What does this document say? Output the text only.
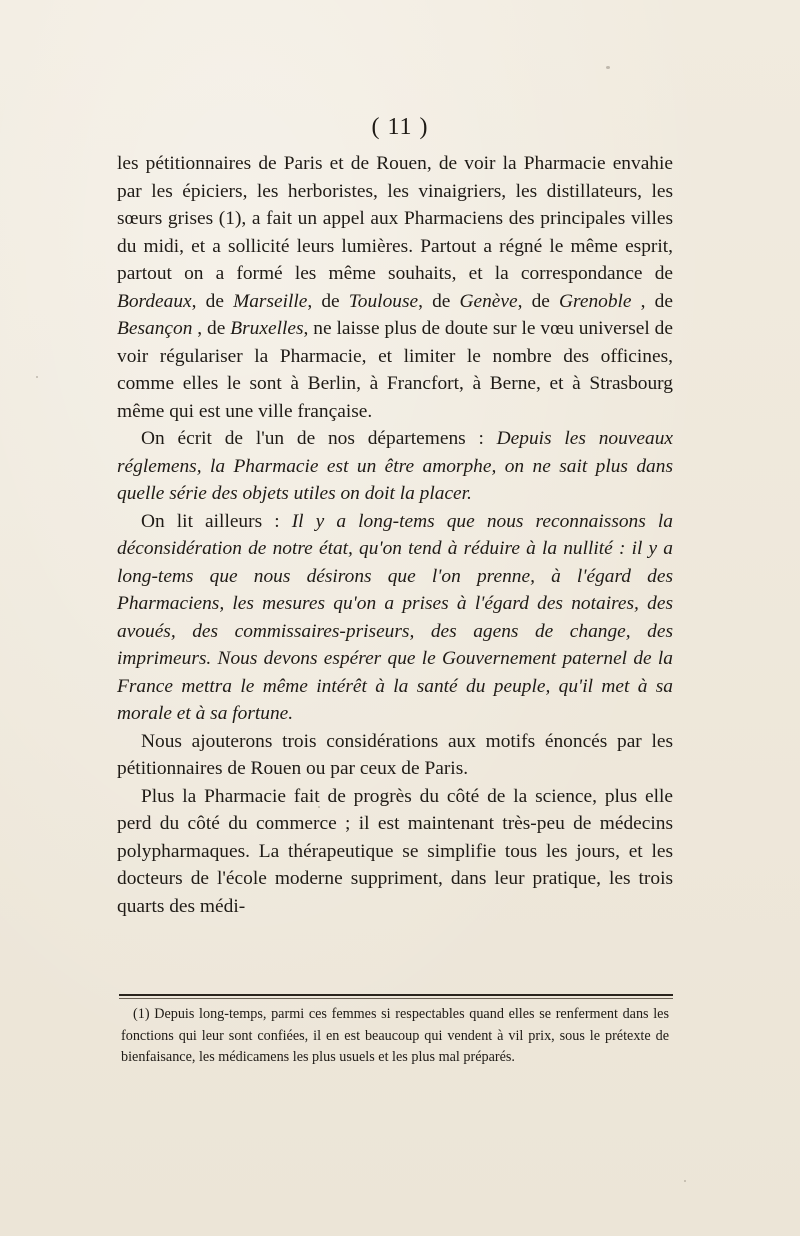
( 11 )

les pétitionnaires de Paris et de Rouen, de voir la Pharmacie envahie par les épiciers, les herboristes, les vinaigriers, les distillateurs, les sœurs grises (1), a fait un appel aux Pharmaciens des principales villes du midi, et a sollicité leurs lumières. Partout a régné le même esprit, partout on a formé les même souhaits, et la correspondance de Bordeaux, de Marseille, de Toulouse, de Genève, de Grenoble , de Besançon , de Bruxelles, ne laisse plus de doute sur le vœu universel de voir régulariser la Pharmacie, et limiter le nombre des officines, comme elles le sont à Berlin, à Francfort, à Berne, et à Strasbourg même qui est une ville française.

On écrit de l'un de nos départemens : Depuis les nouveaux réglemens, la Pharmacie est un être amorphe, on ne sait plus dans quelle série des objets utiles on doit la placer.

On lit ailleurs : Il y a long-tems que nous reconnaissons la déconsidération de notre état, qu'on tend à réduire à la nullité : il y a long-tems que nous désirons que l'on prenne, à l'égard des Pharmaciens, les mesures qu'on a prises à l'égard des notaires, des avoués, des commissaires-priseurs, des agens de change, des imprimeurs. Nous devons espérer que le Gouvernement paternel de la France mettra le même intérêt à la santé du peuple, qu'il met à sa morale et à sa fortune.

Nous ajouterons trois considérations aux motifs énoncés par les pétitionnaires de Rouen ou par ceux de Paris.

Plus la Pharmacie fait de progrès du côté de la science, plus elle perd du côté du commerce ; il est maintenant très-peu de médecins polypharmaques. La thérapeutique se simplifie tous les jours, et les docteurs de l'école moderne suppriment, dans leur pratique, les trois quarts des médi-

(1) Depuis long-temps, parmi ces femmes si respectables quand elles se renferment dans les fonctions qui leur sont confiées, il en est beaucoup qui vendent à vil prix, sous le prétexte de bienfaisance, les médicamens les plus usuels et les plus mal préparés.
